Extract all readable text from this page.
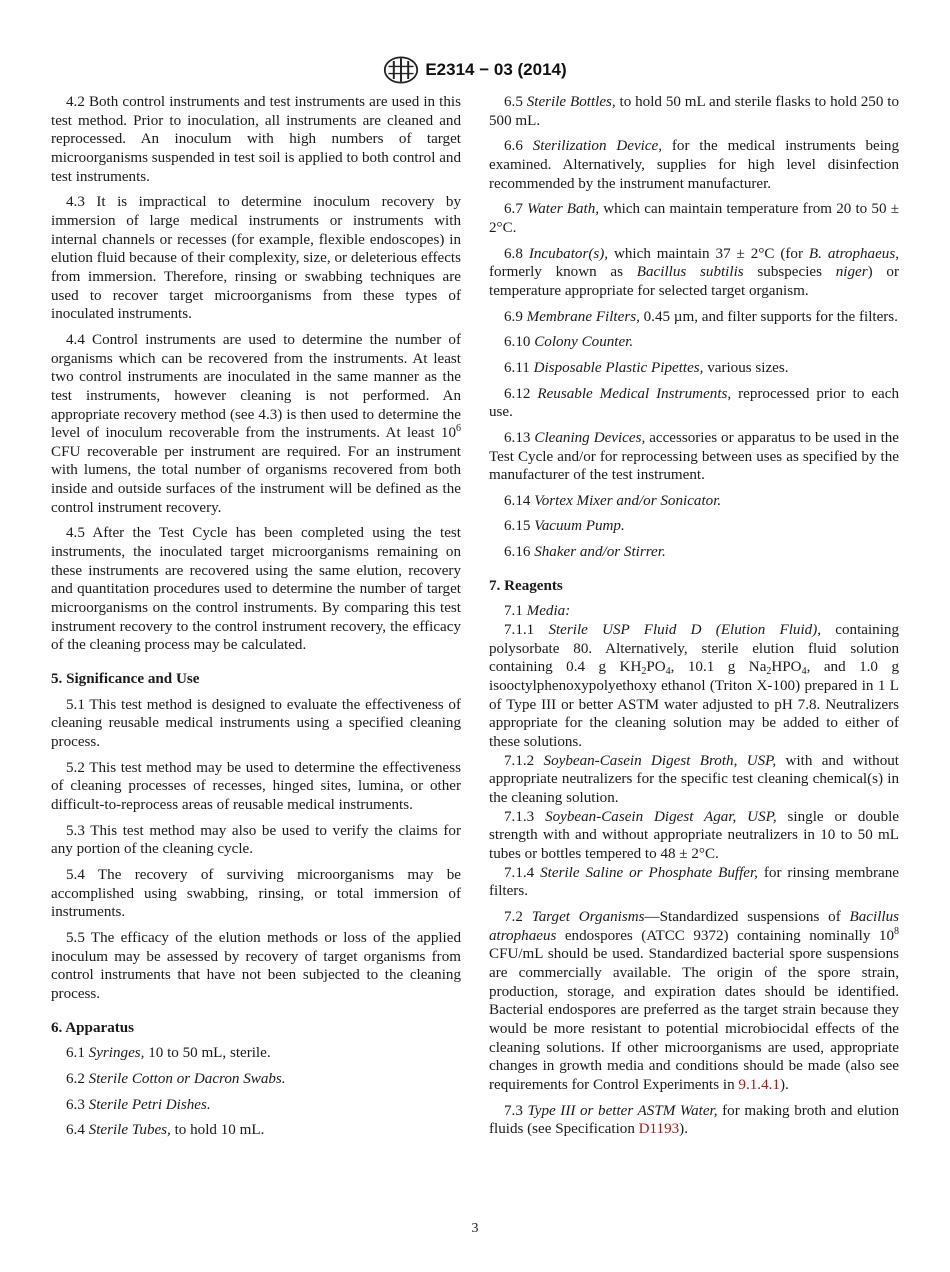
E2314 − 03 (2014)

4.2 Both control instruments and test instruments are used in this test method. Prior to inoculation, all instruments are cleaned and reprocessed. An inoculum with high numbers of target microorganisms suspended in test soil is applied to both control and test instruments.

4.3 It is impractical to determine inoculum recovery by immersion of large medical instruments or instruments with internal channels or recesses (for example, flexible endoscopes) in elution fluid because of their complexity, size, or deleterious effects from immersion. Therefore, rinsing or swabbing techniques are used to recover target microorganisms from these types of inoculated instruments.

4.4 Control instruments are used to determine the number of organisms which can be recovered from the instruments. At least two control instruments are inoculated in the same manner as the test instruments, however cleaning is not performed. An appropriate recovery method (see 4.3) is then used to determine the level of inoculum recoverable from the instruments. At least $10^6$ CFU recoverable per instrument are required. For an instrument with lumens, the total number of organisms recovered from both inside and outside surfaces of the instrument will be defined as the control instrument recovery.

4.5 After the Test Cycle has been completed using the test instruments, the inoculated target microorganisms remaining on these instruments are recovered using the same elution, recovery and quantitation procedures used to determine the number of target microorganisms on the control instruments. By comparing this test instrument recovery to the control instrument recovery, the efficacy of the cleaning process may be calculated.

5. Significance and Use

5.1 This test method is designed to evaluate the effectiveness of cleaning reusable medical instruments using a specified cleaning process.

5.2 This test method may be used to determine the effectiveness of cleaning processes of recesses, hinged sites, lumina, or other difficult-to-reprocess areas of reusable medical instruments.

5.3 This test method may also be used to verify the claims for any portion of the cleaning cycle.

5.4 The recovery of surviving microorganisms may be accomplished using swabbing, rinsing, or total immersion of instruments.

5.5 The efficacy of the elution methods or loss of the applied inoculum may be assessed by recovery of target organisms from control instruments that have not been subjected to the cleaning process.

6. Apparatus

6.1 Syringes, 10 to 50 mL, sterile.

6.2 Sterile Cotton or Dacron Swabs.

6.3 Sterile Petri Dishes.

6.4 Sterile Tubes, to hold 10 mL.

6.5 Sterile Bottles, to hold 50 mL and sterile flasks to hold 250 to 500 mL.

6.6 Sterilization Device, for the medical instruments being examined. Alternatively, supplies for high level disinfection recommended by the instrument manufacturer.

6.7 Water Bath, which can maintain temperature from 20 to 50 ± 2°C.

6.8 Incubator(s), which maintain 37 ± 2°C (for B. atrophaeus, formerly known as Bacillus subtilis subspecies niger) or temperature appropriate for selected target organism.

6.9 Membrane Filters, 0.45 µm, and filter supports for the filters.

6.10 Colony Counter.

6.11 Disposable Plastic Pipettes, various sizes.

6.12 Reusable Medical Instruments, reprocessed prior to each use.

6.13 Cleaning Devices, accessories or apparatus to be used in the Test Cycle and/or for reprocessing between uses as specified by the manufacturer of the test instrument.

6.14 Vortex Mixer and/or Sonicator.

6.15 Vacuum Pump.

6.16 Shaker and/or Stirrer.

7. Reagents

7.1 Media:

7.1.1 Sterile USP Fluid D (Elution Fluid), containing polysorbate 80. Alternatively, sterile elution fluid solution containing 0.4 g $KH_2PO_4$, 10.1 g $Na_2HPO_4$, and 1.0 g isooctylphenoxypolyethoxy ethanol (Triton X-100) prepared in 1 L of Type III or better ASTM water adjusted to pH 7.8. Neutralizers appropriate for the cleaning solution may be added to either of these solutions.

7.1.2 Soybean-Casein Digest Broth, USP, with and without appropriate neutralizers for the specific test cleaning chemical(s) in the cleaning solution.

7.1.3 Soybean-Casein Digest Agar, USP, single or double strength with and without appropriate neutralizers in 10 to 50 mL tubes or bottles tempered to 48 ± 2°C.

7.1.4 Sterile Saline or Phosphate Buffer, for rinsing membrane filters.

7.2 Target Organisms—Standardized suspensions of Bacillus atrophaeus endospores (ATCC 9372) containing nominally $10^8$ CFU/mL should be used. Standardized bacterial spore suspensions are commercially available. The origin of the spore strain, production, storage, and expiration dates should be identified. Bacterial endospores are preferred as the target strain because they would be more resistant to potential microbiocidal effects of the cleaning solutions. If other microorganisms are used, appropriate changes in growth media and conditions should be made (also see requirements for Control Experiments in 9.1.4.1).

7.3 Type III or better ASTM Water, for making broth and elution fluids (see Specification D1193).

3
